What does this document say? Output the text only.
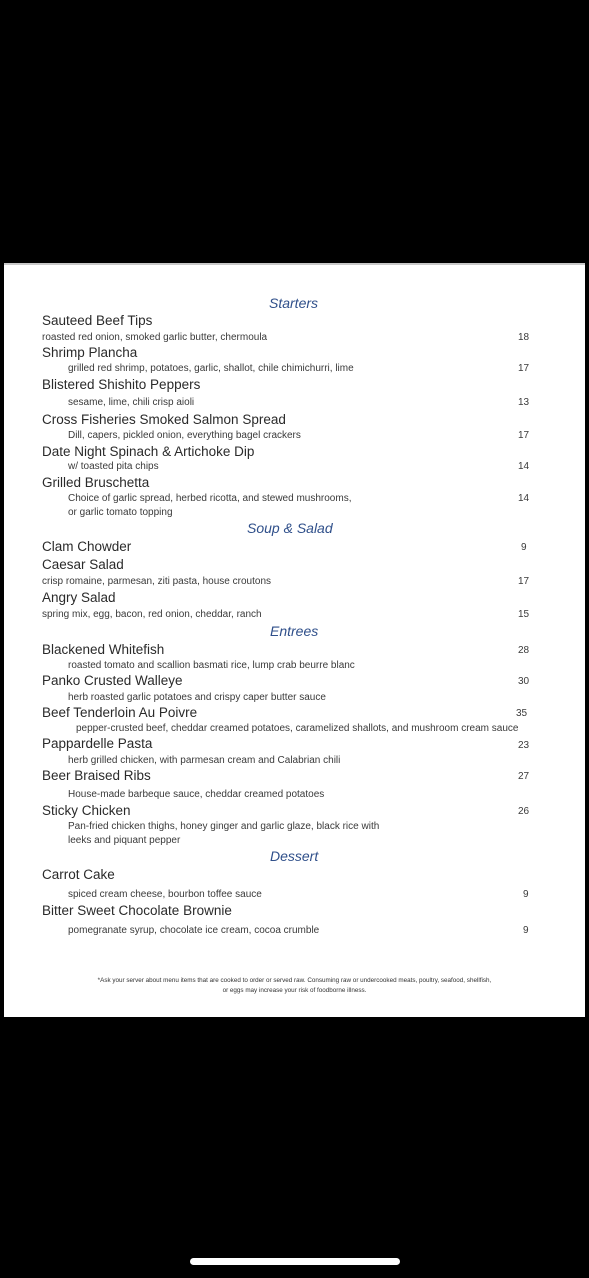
Starters
Sauteed Beef Tips
roasted red onion, smoked garlic butter, chermoula	18
Shrimp Plancha
grilled red shrimp, potatoes, garlic, shallot, chile chimichurri, lime	17
Blistered Shishito Peppers
sesame, lime, chili crisp aioli	13
Cross Fisheries Smoked Salmon Spread
Dill, capers, pickled onion, everything bagel crackers	17
Date Night Spinach & Artichoke Dip
w/ toasted pita chips	14
Grilled Bruschetta
Choice of garlic spread, herbed ricotta, and stewed mushrooms,
or garlic tomato topping
14
Soup & Salad
Clam Chowder	9
Caesar Salad
crisp romaine, parmesan, ziti pasta, house croutons	17
Angry Salad
spring mix, egg, bacon, red onion, cheddar, ranch	15
Entrees
Blackened Whitefish	28
roasted tomato and scallion basmati rice, lump crab beurre blanc
Panko Crusted Walleye	30
herb roasted garlic potatoes and crispy caper butter sauce
Beef Tenderloin Au Poivre	35
pepper-crusted beef, cheddar creamed potatoes, caramelized shallots, and mushroom cream sauce
Pappardelle Pasta	23
herb grilled chicken, with parmesan cream and Calabrian chili
Beer Braised Ribs	27
House-made barbeque sauce, cheddar creamed potatoes
Sticky Chicken	26
Pan-fried chicken thighs, honey ginger and garlic glaze, black rice with
leeks and piquant pepper
Dessert
Carrot Cake
spiced cream cheese, bourbon toffee sauce	9
Bitter Sweet Chocolate Brownie
pomegranate syrup, chocolate ice cream, cocoa crumble	9
*Ask your server about menu items that are cooked to order or served raw. Consuming raw or undercooked meats, poultry, seafood, shellfish,
or eggs may increase your risk of foodborne illness.
